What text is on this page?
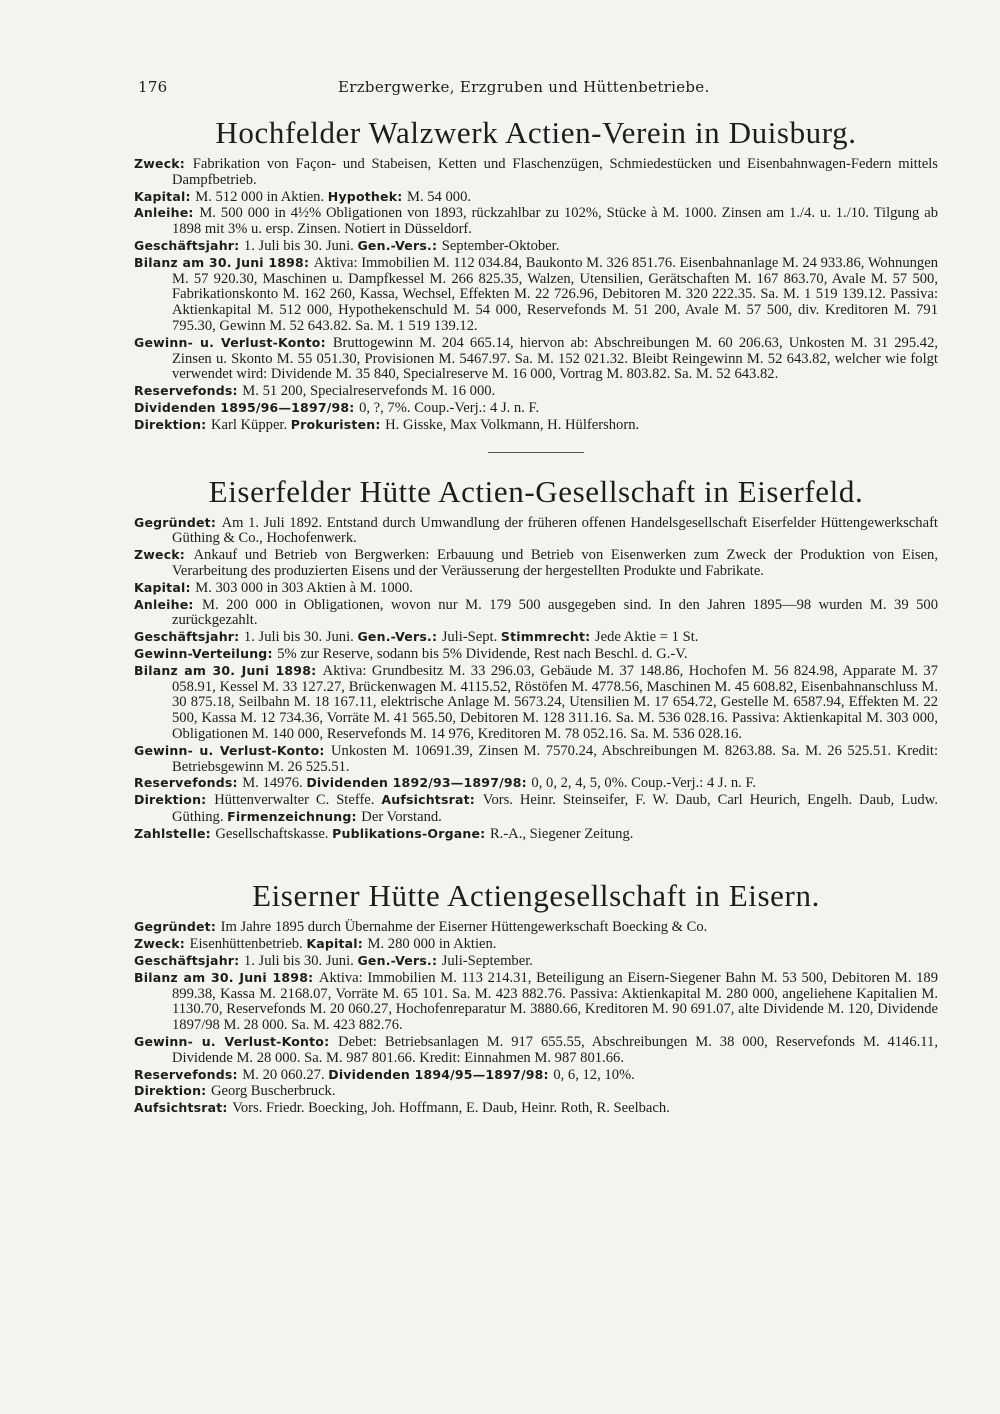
176	Erzbergwerke, Erzgruben und Hüttenbetriebe.
Hochfelder Walzwerk Actien-Verein in Duisburg.

Zweck: Fabrikation von Façon- und Stabeisen, Ketten und Flaschenzügen, Schmiedestücken und Eisenbahnwagen-Federn mittels Dampfbetrieb.

Kapital: M. 512 000 in Aktien. Hypothek: M. 54 000.

Anleihe: M. 500 000 in 4½% Obligationen von 1893, rückzahlbar zu 102%, Stücke à M. 1000. Zinsen am 1./4. u. 1./10. Tilgung ab 1898 mit 3% u. ersp. Zinsen. Notiert in Düsseldorf.

Geschäftsjahr: 1. Juli bis 30. Juni. Gen.-Vers.: September-Oktober.

Bilanz am 30. Juni 1898: Aktiva: Immobilien M. 112 034.84, Baukonto M. 326 851.76. Eisenbahnanlage M. 24 933.86, Wohnungen M. 57 920.30, Maschinen u. Dampfkessel M. 266 825.35, Walzen, Utensilien, Gerätschaften M. 167 863.70, Avale M. 57 500, Fabrikationskonto M. 162 260, Kassa, Wechsel, Effekten M. 22 726.96, Debitoren M. 320 222.35. Sa. M. 1 519 139.12. Passiva: Aktienkapital M. 512 000, Hypothekenschuld M. 54 000, Reservefonds M. 51 200, Avale M. 57 500, div. Kreditoren M. 791 795.30, Gewinn M. 52 643.82. Sa. M. 1 519 139.12.

Gewinn- u. Verlust-Konto: Bruttogewinn M. 204 665.14, hiervon ab: Abschreibungen M. 60 206.63, Unkosten M. 31 295.42, Zinsen u. Skonto M. 55 051.30, Provisionen M. 5467.97. Sa. M. 152 021.32. Bleibt Reingewinn M. 52 643.82, welcher wie folgt verwendet wird: Dividende M. 35 840, Specialreserve M. 16 000, Vortrag M. 803.82. Sa. M. 52 643.82.

Reservefonds: M. 51 200, Specialreservefonds M. 16 000.

Dividenden 1895/96—1897/98: 0, ?, 7%. Coup.-Verj.: 4 J. n. F.

Direktion: Karl Küpper. Prokuristen: H. Gisske, Max Volkmann, H. Hülfershorn.

Eiserfelder Hütte Actien-Gesellschaft in Eiserfeld.

Gegründet: Am 1. Juli 1892. Entstand durch Umwandlung der früheren offenen Handelsgesellschaft Eiserfelder Hüttengewerkschaft Güthing & Co., Hochofenwerk.

Zweck: Ankauf und Betrieb von Bergwerken: Erbauung und Betrieb von Eisenwerken zum Zweck der Produktion von Eisen, Verarbeitung des produzierten Eisens und der Veräusserung der hergestellten Produkte und Fabrikate.

Kapital: M. 303 000 in 303 Aktien à M. 1000.

Anleihe: M. 200 000 in Obligationen, wovon nur M. 179 500 ausgegeben sind. In den Jahren 1895—98 wurden M. 39 500 zurückgezahlt.

Geschäftsjahr: 1. Juli bis 30. Juni. Gen.-Vers.: Juli-Sept. Stimmrecht: Jede Aktie = 1 St.

Gewinn-Verteilung: 5% zur Reserve, sodann bis 5% Dividende, Rest nach Beschl. d. G.-V.

Bilanz am 30. Juni 1898: Aktiva: Grundbesitz M. 33 296.03, Gebäude M. 37 148.86, Hochofen M. 56 824.98, Apparate M. 37 058.91, Kessel M. 33 127.27, Brückenwagen M. 4115.52, Röstöfen M. 4778.56, Maschinen M. 45 608.82, Eisenbahnanschluss M. 30 875.18, Seilbahn M. 18 167.11, elektrische Anlage M. 5673.24, Utensilien M. 17 654.72, Gestelle M. 6587.94, Effekten M. 22 500, Kassa M. 12 734.36, Vorräte M. 41 565.50, Debitoren M. 128 311.16. Sa. M. 536 028.16. Passiva: Aktienkapital M. 303 000, Obligationen M. 140 000, Reservefonds M. 14 976, Kreditoren M. 78 052.16. Sa. M. 536 028.16.

Gewinn- u. Verlust-Konto: Unkosten M. 10691.39, Zinsen M. 7570.24, Abschreibungen M. 8263.88. Sa. M. 26 525.51. Kredit: Betriebsgewinn M. 26 525.51.

Reservefonds: M. 14976. Dividenden 1892/93—1897/98: 0, 0, 2, 4, 5, 0%. Coup.-Verj.: 4 J. n. F.

Direktion: Hüttenverwalter C. Steffe. Aufsichtsrat: Vors. Heinr. Steinseifer, F. W. Daub, Carl Heurich, Engelh. Daub, Ludw. Güthing. Firmenzeichnung: Der Vorstand.

Zahlstelle: Gesellschaftskasse. Publikations-Organe: R.-A., Siegener Zeitung.

Eiserner Hütte Actiengesellschaft in Eisern.

Gegründet: Im Jahre 1895 durch Übernahme der Eiserner Hüttengewerkschaft Boecking & Co.

Zweck: Eisenhüttenbetrieb. Kapital: M. 280 000 in Aktien.

Geschäftsjahr: 1. Juli bis 30. Juni. Gen.-Vers.: Juli-September.

Bilanz am 30. Juni 1898: Aktiva: Immobilien M. 113 214.31, Beteiligung an Eisern-Siegener Bahn M. 53 500, Debitoren M. 189 899.38, Kassa M. 2168.07, Vorräte M. 65 101. Sa. M. 423 882.76. Passiva: Aktienkapital M. 280 000, angeliehene Kapitalien M. 1130.70, Reservefonds M. 20 060.27, Hochofenreparatur M. 3880.66, Kreditoren M. 90 691.07, alte Dividende M. 120, Dividende 1897/98 M. 28 000. Sa. M. 423 882.76.

Gewinn- u. Verlust-Konto: Debet: Betriebsanlagen M. 917 655.55, Abschreibungen M. 38 000, Reservefonds M. 4146.11, Dividende M. 28 000. Sa. M. 987 801.66. Kredit: Einnahmen M. 987 801.66.

Reservefonds: M. 20 060.27. Dividenden 1894/95—1897/98: 0, 6, 12, 10%.

Direktion: Georg Buscherbruck.

Aufsichtsrat: Vors. Friedr. Boecking, Joh. Hoffmann, E. Daub, Heinr. Roth, R. Seelbach.
